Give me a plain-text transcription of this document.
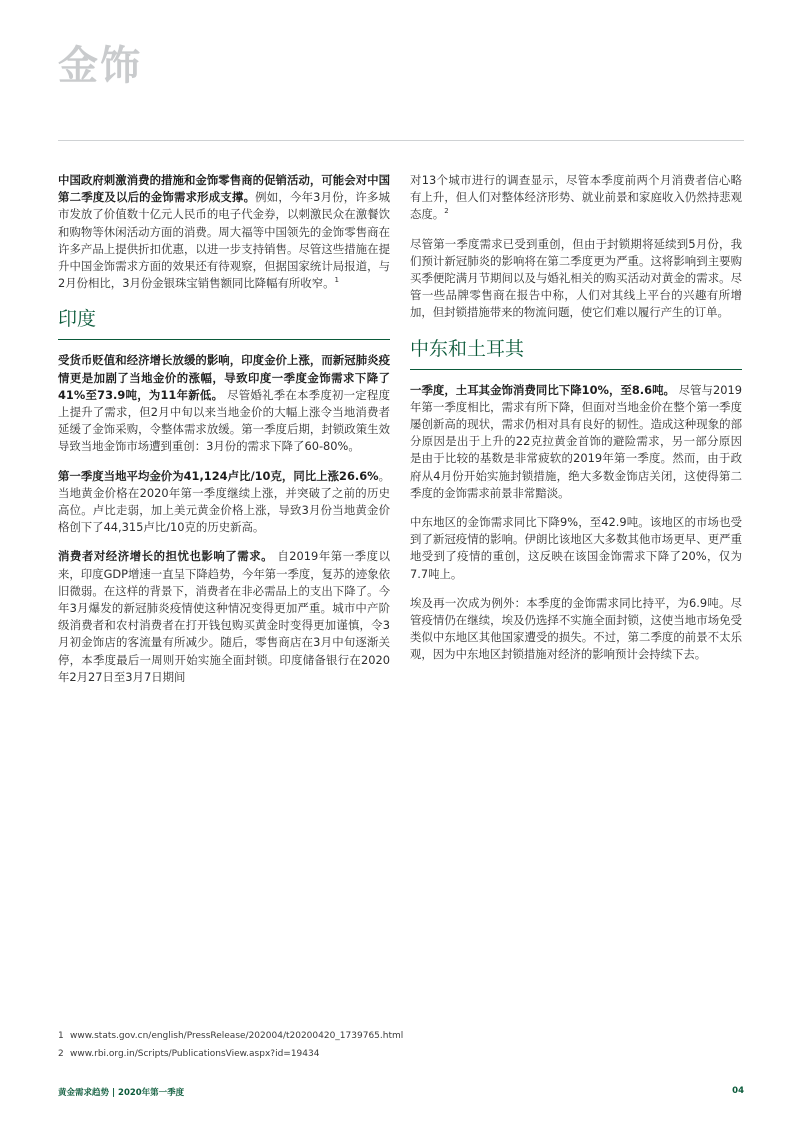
金饰

中国政府刺激消费的措施和金饰零售商的促销活动，可能会对中国第二季度及以后的金饰需求形成支撑。例如，今年3月份，许多城市发放了价值数十亿元人民币的电子代金券，以刺激民众在激餐饮和购物等休闲活动方面的消费。周大福等中国领先的金饰零售商在许多产品上提供折扣优惠，以进一步支持销售。尽管这些措施在提升中国金饰需求方面的效果还有待观察，但据国家统计局报道，与2月份相比，3月份金银珠宝销售额同比降幅有所收窄。$^1$

印度

受货币贬值和经济增长放缓的影响，印度金价上涨，而新冠肺炎疫情更是加剧了当地金价的涨幅，导致印度一季度金饰需求下降了41%至73.9吨，为11年新低。 尽管婚礼季在本季度初一定程度上提升了需求，但2月中旬以来当地金价的大幅上涨令当地消费者延缓了金饰采购，令整体需求放缓。第一季度后期，封锁政策生效导致当地金饰市场遭到重创：3月份的需求下降了60-80%。

第一季度当地平均金价为41,124卢比/10克，同比上涨26.6%。当地黄金价格在2020年第一季度继续上涨，并突破了之前的历史高位。卢比走弱，加上美元黄金价格上涨，导致3月份当地黄金价格创下了44,315卢比/10克的历史新高。

消费者对经济增长的担忧也影响了需求。 自2019年第一季度以来，印度GDP增速一直呈下降趋势，今年第一季度，复苏的迹象依旧微弱。在这样的背景下，消费者在非必需品上的支出下降了。今年3月爆发的新冠肺炎疫情使这种情况变得更加严重。城市中产阶级消费者和农村消费者在打开钱包购买黄金时变得更加谨慎，令3月初金饰店的客流量有所减少。随后，零售商店在3月中旬逐渐关停，本季度最后一周则开始实施全面封锁。印度储备银行在2020年2月27日至3月7日期间

对13个城市进行的调查显示，尽管本季度前两个月消费者信心略有上升，但人们对整体经济形势、就业前景和家庭收入仍然持悲观态度。$^2$

尽管第一季度需求已受到重创，但由于封锁期将延续到5月份，我们预计新冠肺炎的影响将在第二季度更为严重。这将影响到主要购买季便陀满月节期间以及与婚礼相关的购买活动对黄金的需求。尽管一些品牌零售商在报告中称，人们对其线上平台的兴趣有所增加，但封锁措施带来的物流问题，使它们难以履行产生的订单。

中东和土耳其

一季度，土耳其金饰消费同比下降10%，至8.6吨。 尽管与2019年第一季度相比，需求有所下降，但面对当地金价在整个第一季度屡创新高的现状，需求仍相对具有良好的韧性。造成这种现象的部分原因是出于上升的22克拉黄金首饰的避险需求，另一部分原因是由于比较的基数是非常疲软的2019年第一季度。然而，由于政府从4月份开始实施封锁措施，绝大多数金饰店关闭，这使得第二季度的金饰需求前景非常黯淡。

中东地区的金饰需求同比下降9%，至42.9吨。该地区的市场也受到了新冠疫情的影响。伊朗比该地区大多数其他市场更早、更严重地受到了疫情的重创，这反映在该国金饰需求下降了20%，仅为7.7吨上。

埃及再一次成为例外：本季度的金饰需求同比持平，为6.9吨。尽管疫情仍在继续，埃及仍选择不实施全面封锁，这使当地市场免受类似中东地区其他国家遭受的损失。不过，第二季度的前景不太乐观，因为中东地区封锁措施对经济的影响预计会持续下去。

1 www.stats.gov.cn/english/PressRelease/202004/t20200420_1739765.html
2 www.rbi.org.in/Scripts/PublicationsView.aspx?id=19434
黄金需求趋势 | 2020年第一季度	04
